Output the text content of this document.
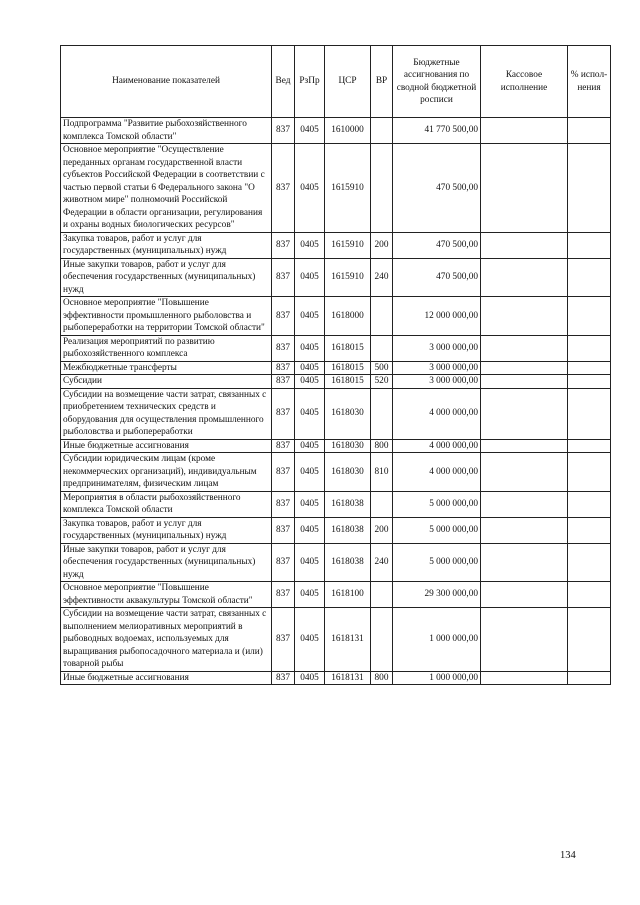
Наименование показателей	Вед	РзПр	ЦСР	ВР	Бюджетные ассигнования по сводной бюджетной росписи	Кассовое исполнение	% испол-нения
Подпрограмма "Развитие рыбохозяйственного комплекса Томской области"	837	0405	1610000		41 770 500,00		
Основное мероприятие "Осуществление переданных органам государственной власти субъектов Российской Федерации в соответствии с частью первой статьи 6 Федерального закона "О животном мире" полномочий Российской Федерации в области организации, регулирования и охраны водных биологических ресурсов"	837	0405	1615910		470 500,00		
Закупка товаров, работ и услуг для государственных (муниципальных) нужд	837	0405	1615910	200	470 500,00		
Иные закупки товаров, работ и услуг для обеспечения государственных (муниципальных) нужд	837	0405	1615910	240	470 500,00		
Основное мероприятие "Повышение эффективности промышленного рыболовства и рыбопереработки на территории Томской области"	837	0405	1618000		12 000 000,00		
Реализация мероприятий по развитию рыбохозяйственного комплекса	837	0405	1618015		3 000 000,00		
Межбюджетные трансферты	837	0405	1618015	500	3 000 000,00		
Субсидии	837	0405	1618015	520	3 000 000,00		
Субсидии на возмещение части затрат, связанных с приобретением технических средств и оборудования для осуществления промышленного рыболовства и рыбопереработки	837	0405	1618030		4 000 000,00		
Иные бюджетные ассигнования	837	0405	1618030	800	4 000 000,00		
Субсидии юридическим лицам (кроме некоммерческих организаций), индивидуальным предпринимателям, физическим лицам	837	0405	1618030	810	4 000 000,00		
Мероприятия в области рыбохозяйственного комплекса Томской области	837	0405	1618038		5 000 000,00		
Закупка товаров, работ и услуг для государственных (муниципальных) нужд	837	0405	1618038	200	5 000 000,00		
Иные закупки товаров, работ и услуг для обеспечения государственных (муниципальных) нужд	837	0405	1618038	240	5 000 000,00		
Основное мероприятие "Повышение эффективности аквакультуры Томской области"	837	0405	1618100		29 300 000,00		
Субсидии на возмещение части затрат, связанных с выполнением мелиоративных мероприятий в рыбоводных водоемах, используемых для выращивания рыбопосадочного материала и (или) товарной рыбы	837	0405	1618131		1 000 000,00		
Иные бюджетные ассигнования	837	0405	1618131	800	1 000 000,00		
134
